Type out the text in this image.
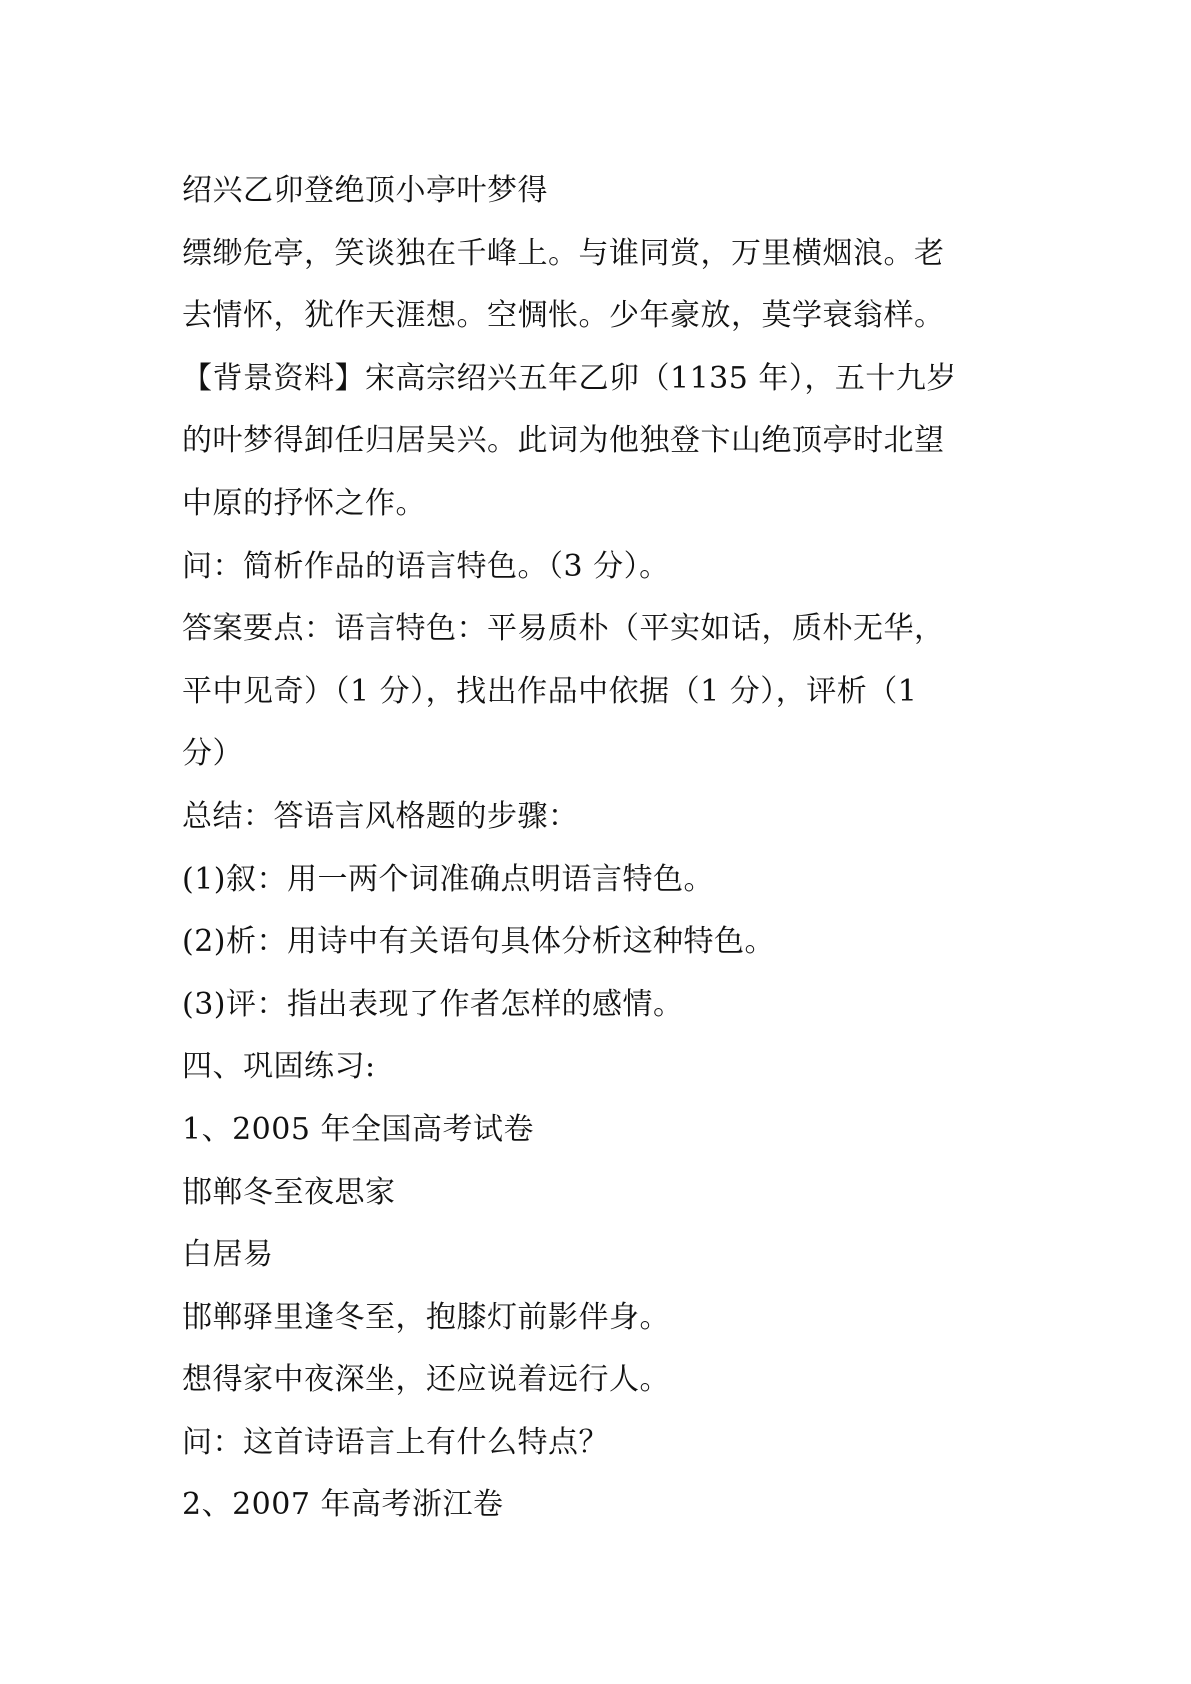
绍兴乙卯登绝顶小亭叶梦得
缥缈危亭，笑谈独在千峰上。与谁同赏，万里横烟浪。老
去情怀，犹作天涯想。空惆怅。少年豪放，莫学衰翁样。
【背景资料】宋高宗绍兴五年乙卯（1135 年），五十九岁
的叶梦得卸任归居吴兴。此词为他独登卞山绝顶亭时北望
中原的抒怀之作。
问：简析作品的语言特色。（3 分）。
答案要点：语言特色：平易质朴（平实如话，质朴无华，
平中见奇）（1 分），找出作品中依据（1 分），评析（1
分）
总结：答语言风格题的步骤：
(1)叙：用一两个词准确点明语言特色。
(2)析：用诗中有关语句具体分析这种特色。
(3)评：指出表现了作者怎样的感情。
四、巩固练习:
1、2005 年全国高考试卷
邯郸冬至夜思家
白居易
邯郸驿里逢冬至，抱膝灯前影伴身。
想得家中夜深坐，还应说着远行人。
问：这首诗语言上有什么特点？
2、2007 年高考浙江卷
